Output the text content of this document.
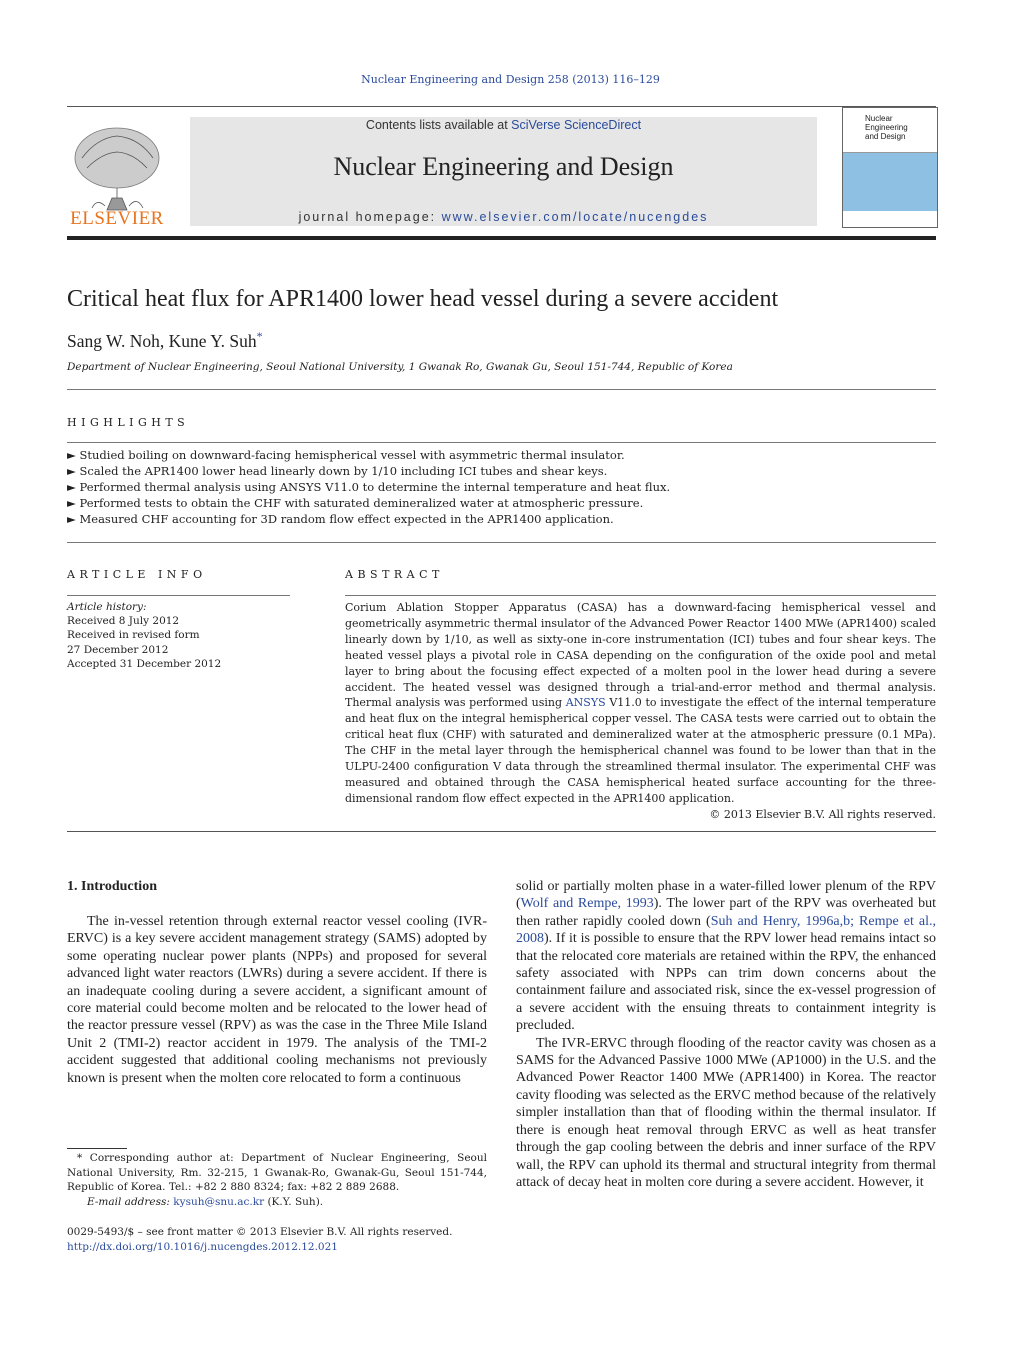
Nuclear Engineering and Design 258 (2013) 116–129
ELSEVIER
Contents lists available at SciVerse ScienceDirect
Nuclear Engineering and Design
journal homepage: www.elsevier.com/locate/nucengdes
Nuclear Engineering
and Design
Critical heat flux for APR1400 lower head vessel during a severe accident
Sang W. Noh, Kune Y. Suh*
Department of Nuclear Engineering, Seoul National University, 1 Gwanak Ro, Gwanak Gu, Seoul 151-744, Republic of Korea
HIGHLIGHTS
► Studied boiling on downward-facing hemispherical vessel with asymmetric thermal insulator.
► Scaled the APR1400 lower head linearly down by 1/10 including ICI tubes and shear keys.
► Performed thermal analysis using ANSYS V11.0 to determine the internal temperature and heat flux.
► Performed tests to obtain the CHF with saturated demineralized water at atmospheric pressure.
► Measured CHF accounting for 3D random flow effect expected in the APR1400 application.
ARTICLE INFO
Article history:
Received 8 July 2012
Received in revised form
27 December 2012
Accepted 31 December 2012
ABSTRACT
Corium Ablation Stopper Apparatus (CASA) has a downward-facing hemispherical vessel and geometrically asymmetric thermal insulator of the Advanced Power Reactor 1400 MWe (APR1400) scaled linearly down by 1/10, as well as sixty-one in-core instrumentation (ICI) tubes and four shear keys. The heated vessel plays a pivotal role in CASA depending on the configuration of the oxide pool and metal layer to bring about the focusing effect expected of a molten pool in the lower head during a severe accident. The heated vessel was designed through a trial-and-error method and thermal analysis. Thermal analysis was performed using ANSYS V11.0 to investigate the effect of the internal temperature and heat flux on the integral hemispherical copper vessel. The CASA tests were carried out to obtain the critical heat flux (CHF) with saturated and demineralized water at the atmospheric pressure (0.1 MPa). The CHF in the metal layer through the hemispherical channel was found to be lower than that in the ULPU-2400 configuration V data through the streamlined thermal insulator. The experimental CHF was measured and obtained through the CASA hemispherical heated surface accounting for the three-dimensional random flow effect expected in the APR1400 application.
© 2013 Elsevier B.V. All rights reserved.
1. Introduction

The in-vessel retention through external reactor vessel cooling (IVR-ERVC) is a key severe accident management strategy (SAMS) adopted by some operating nuclear power plants (NPPs) and proposed for several advanced light water reactors (LWRs) during a severe accident. If there is an inadequate cooling during a severe accident, a significant amount of core material could become molten and be relocated to the lower head of the reactor pressure vessel (RPV) as was the case in the Three Mile Island Unit 2 (TMI-2) reactor accident in 1979. The analysis of the TMI-2 accident suggested that additional cooling mechanisms not previously known is present when the molten core relocated to form a continuous

solid or partially molten phase in a water-filled lower plenum of the RPV (Wolf and Rempe, 1993). The lower part of the RPV was overheated but then rather rapidly cooled down (Suh and Henry, 1996a,b; Rempe et al., 2008). If it is possible to ensure that the RPV lower head remains intact so that the relocated core materials are retained within the RPV, the enhanced safety associated with NPPs can trim down concerns about the containment failure and associated risk, since the ex-vessel progression of a severe accident with the ensuing threats to containment integrity is precluded.

The IVR-ERVC through flooding of the reactor cavity was chosen as a SAMS for the Advanced Passive 1000 MWe (AP1000) in the U.S. and the Advanced Power Reactor 1400 MWe (APR1400) in Korea. The reactor cavity flooding was selected as the ERVC method because of the relatively simpler installation than that of flooding within the thermal insulator. If there is enough heat removal through ERVC as well as heat transfer through the gap cooling between the debris and inner surface of the RPV wall, the RPV can uphold its thermal and structural integrity from thermal attack of decay heat in molten core during a severe accident. However, it

* Corresponding author at: Department of Nuclear Engineering, Seoul National University, Rm. 32-215, 1 Gwanak-Ro, Gwanak-Gu, Seoul 151-744, Republic of Korea. Tel.: +82 2 880 8324; fax: +82 2 889 2688.
E-mail address: kysuh@snu.ac.kr (K.Y. Suh).
0029-5493/$ – see front matter © 2013 Elsevier B.V. All rights reserved.
http://dx.doi.org/10.1016/j.nucengdes.2012.12.021
